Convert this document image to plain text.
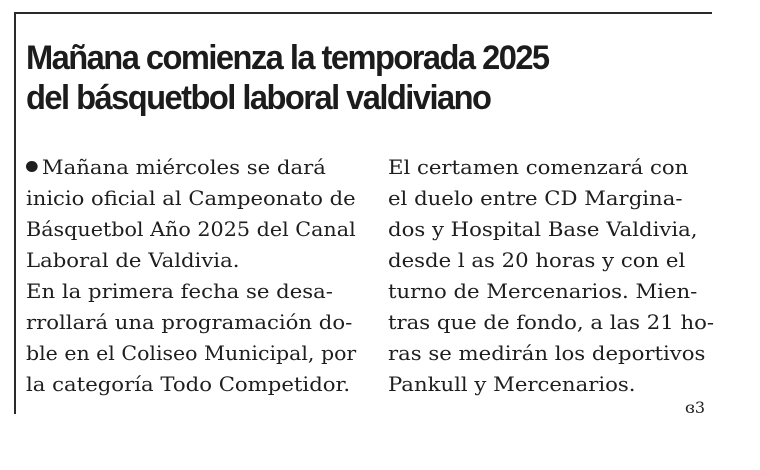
Mañana comienza la temporada 2025
del básquetbol laboral valdiviano
Mañana miércoles se dará
inicio oficial al Campeonato de
Básquetbol Año 2025 del Canal
Laboral de Valdivia.
En la primera fecha se desa-
rrollará una programación do-
ble en el Coliseo Municipal, por
la categoría Todo Competidor.
El certamen comenzará con
el duelo entre CD Margina-
dos y Hospital Base Valdivia,
desde l as 20 horas y con el
turno de Mercenarios. Mien-
tras que de fondo, a las 21 ho-
ras se medirán los deportivos
Pankull y Mercenarios.
ɞ3
